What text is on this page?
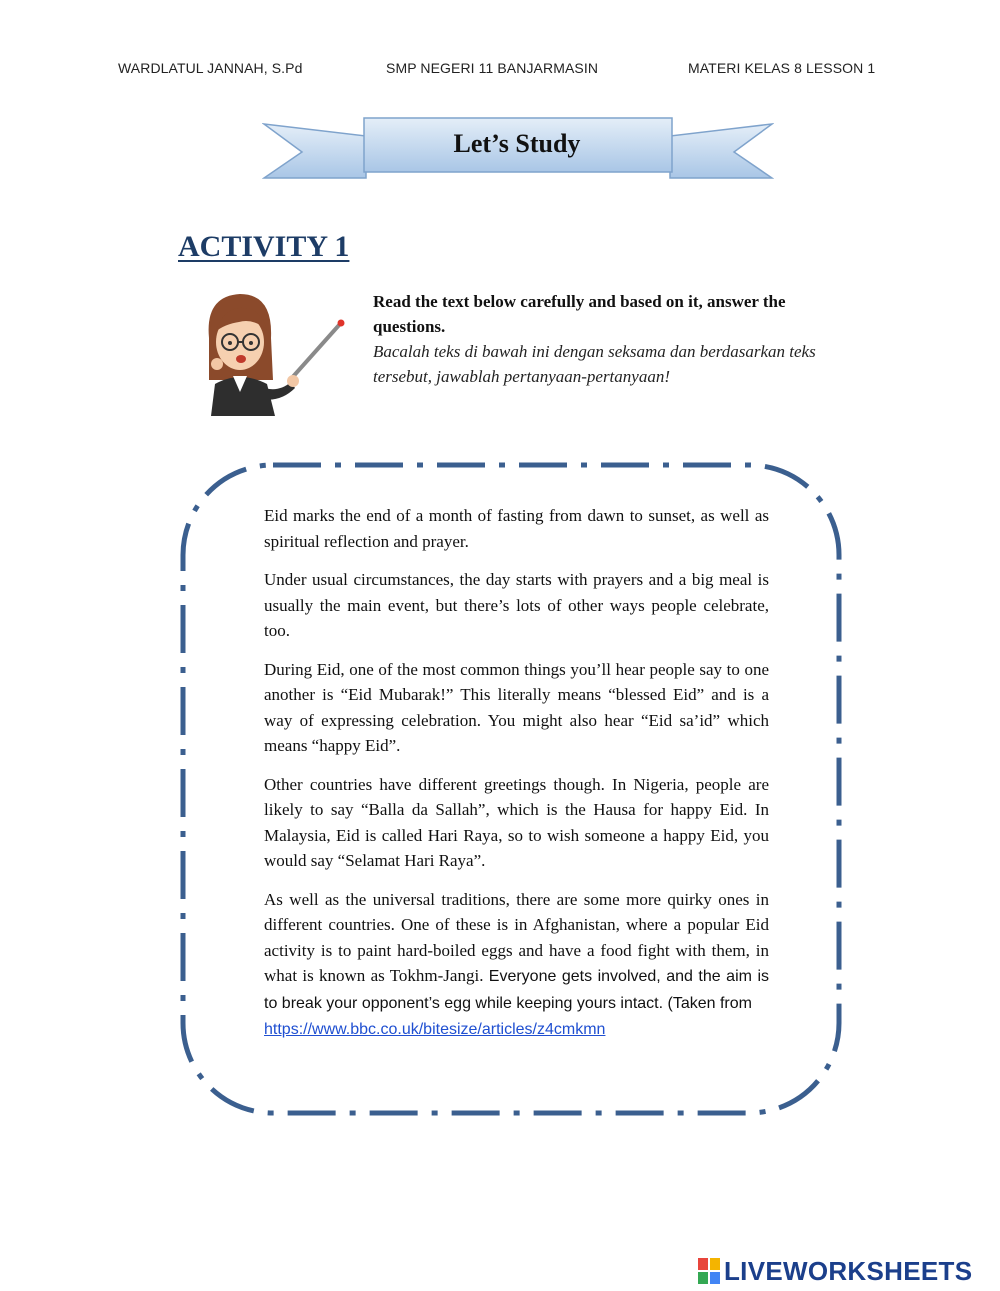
WARDLATUL JANNAH, S.Pd	SMP NEGERI 11 BANJARMASIN	MATERI KELAS 8 LESSON 1
Let’s Study
ACTIVITY 1
Read the text below carefully and based on it, answer the questions.
Bacalah teks di bawah ini dengan seksama dan berdasarkan teks tersebut, jawablah pertanyaan-pertanyaan!

Eid marks the end of a month of fasting from dawn to sunset, as well as spiritual reflection and prayer.

Under usual circumstances, the day starts with prayers and a big meal is usually the main event, but there’s lots of other ways people celebrate, too.

During Eid, one of the most common things you’ll hear people say to one another is “Eid Mubarak!” This literally means “blessed Eid” and is a way of expressing celebration. You might also hear “Eid sa’id” which means “happy Eid”.

Other countries have different greetings though. In Nigeria, people are likely to say “Balla da Sallah”, which is the Hausa for happy Eid. In Malaysia, Eid is called Hari Raya, so to wish someone a happy Eid, you would say “Selamat Hari Raya”.

As well as the universal traditions, there are some more quirky ones in different countries. One of these is in Afghanistan, where a popular Eid activity is to paint hard-boiled eggs and have a food fight with them, in what is known as Tokhm-Jangi. Everyone gets involved, and the aim is to break your opponent’s egg while keeping yours intact. (Taken from
https://www.bbc.co.uk/bitesize/articles/z4cmkmn

LIVEWORKSHEETS
